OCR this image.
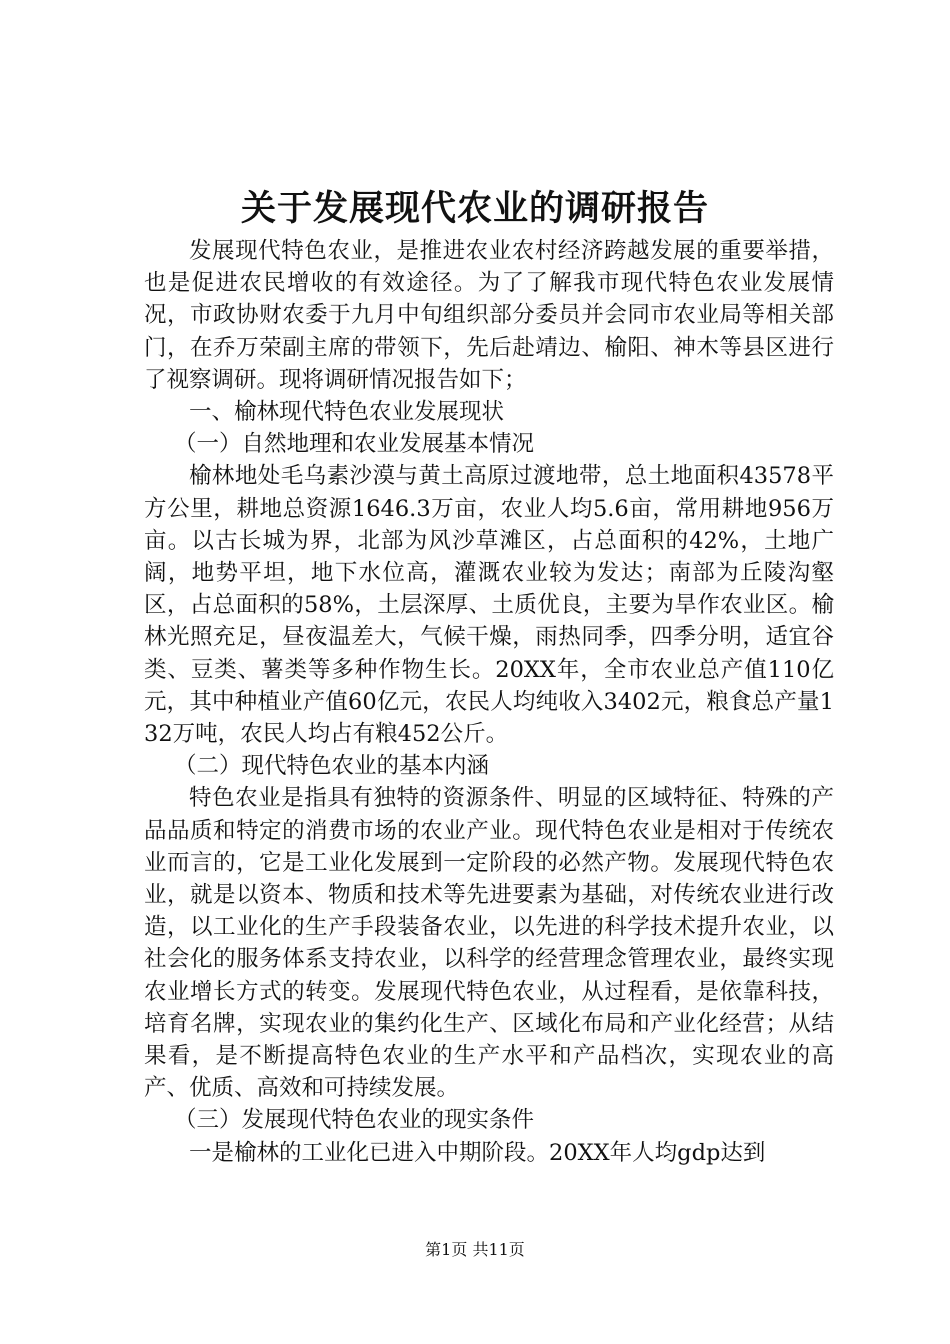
关于发展现代农业的调研报告

发展现代特色农业，是推进农业农村经济跨越发展的重要举措，也是促进农民增收的有效途径。为了了解我市现代特色农业发展情况，市政协财农委于九月中旬组织部分委员并会同市农业局等相关部门，在乔万荣副主席的带领下，先后赴靖边、榆阳、神木等县区进行了视察调研。现将调研情况报告如下；

一、榆林现代特色农业发展现状

（一）自然地理和农业发展基本情况

榆林地处毛乌素沙漠与黄土高原过渡地带，总土地面积43578平方公里，耕地总资源1646.3万亩，农业人均5.6亩，常用耕地956万亩。以古长城为界，北部为风沙草滩区，占总面积的42%，土地广阔，地势平坦，地下水位高，灌溉农业较为发达；南部为丘陵沟壑区，占总面积的58%，土层深厚、土质优良，主要为旱作农业区。榆林光照充足，昼夜温差大，气候干燥，雨热同季，四季分明，适宜谷类、豆类、薯类等多种作物生长。20XX年，全市农业总产值110亿元，其中种植业产值60亿元，农民人均纯收入3402元，粮食总产量132万吨，农民人均占有粮452公斤。

（二）现代特色农业的基本内涵

特色农业是指具有独特的资源条件、明显的区域特征、特殊的产品品质和特定的消费市场的农业产业。现代特色农业是相对于传统农业而言的，它是工业化发展到一定阶段的必然产物。发展现代特色农业，就是以资本、物质和技术等先进要素为基础，对传统农业进行改造，以工业化的生产手段装备农业，以先进的科学技术提升农业，以社会化的服务体系支持农业，以科学的经营理念管理农业，最终实现农业增长方式的转变。发展现代特色农业，从过程看，是依靠科技，培育名牌，实现农业的集约化生产、区域化布局和产业化经营；从结果看，是不断提高特色农业的生产水平和产品档次，实现农业的高产、优质、高效和可持续发展。

（三）发展现代特色农业的现实条件

一是榆林的工业化已进入中期阶段。20XX年人均gdp达到

第1页 共11页
